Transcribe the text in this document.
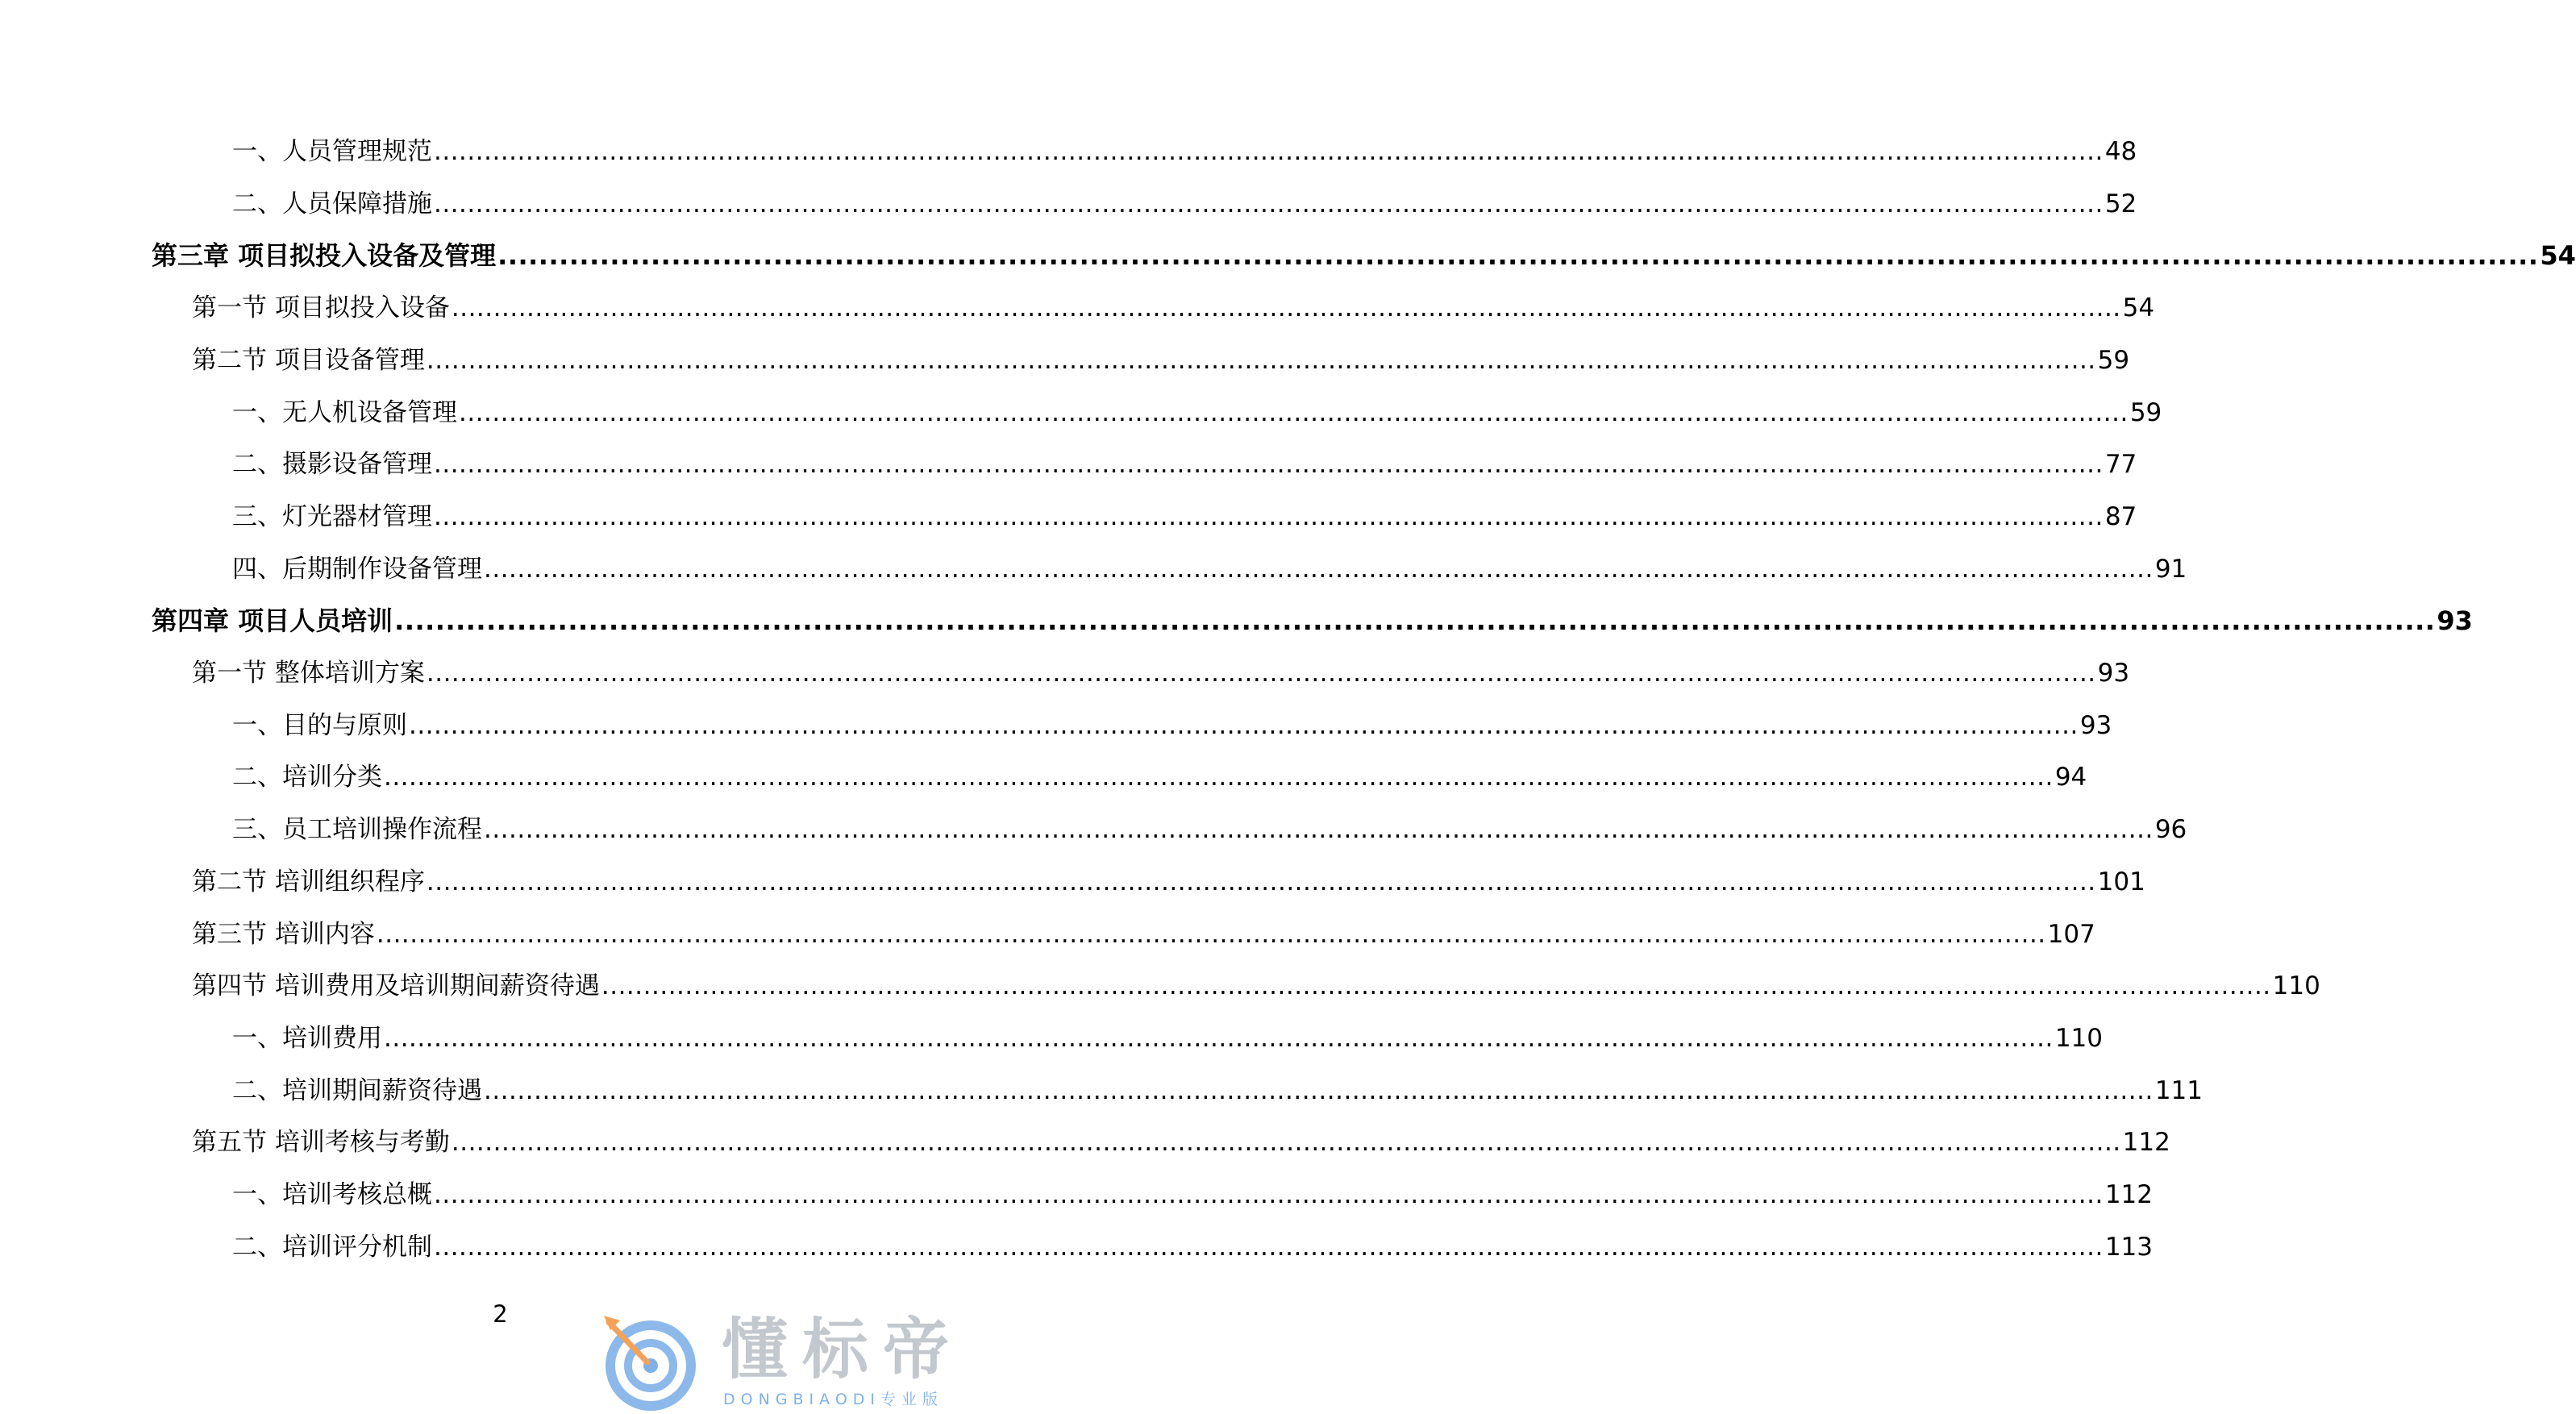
一、人员管理规范 ........................................................................................................................................................................................................ 48
二、人员保障措施 ........................................................................................................................................................................................................ 52
第三章 项目拟投入设备及管理 ........................................................................................................................................................................................................ 54
第一节 项目拟投入设备 ........................................................................................................................................................................................................ 54
第二节 项目设备管理 ........................................................................................................................................................................................................ 59
一、无人机设备管理 ........................................................................................................................................................................................................ 59
二、摄影设备管理 ........................................................................................................................................................................................................ 77
三、灯光器材管理 ........................................................................................................................................................................................................ 87
四、后期制作设备管理 ........................................................................................................................................................................................................ 91
第四章 项目人员培训 ........................................................................................................................................................................................................ 93
第一节 整体培训方案 ........................................................................................................................................................................................................ 93
一、目的与原则 ........................................................................................................................................................................................................ 93
二、培训分类 ........................................................................................................................................................................................................ 94
三、员工培训操作流程 ........................................................................................................................................................................................................ 96
第二节 培训组织程序 ........................................................................................................................................................................................................ 101
第三节 培训内容 ........................................................................................................................................................................................................ 107
第四节 培训费用及培训期间薪资待遇 ........................................................................................................................................................................................................ 110
一、培训费用 ........................................................................................................................................................................................................ 110
二、培训期间薪资待遇 ........................................................................................................................................................................................................ 111
第五节 培训考核与考勤 ........................................................................................................................................................................................................ 112
一、培训考核总概 ........................................................................................................................................................................................................ 112
二、培训评分机制 ........................................................................................................................................................................................................ 113
2	懂标帝
DONGBIAODI专业版
